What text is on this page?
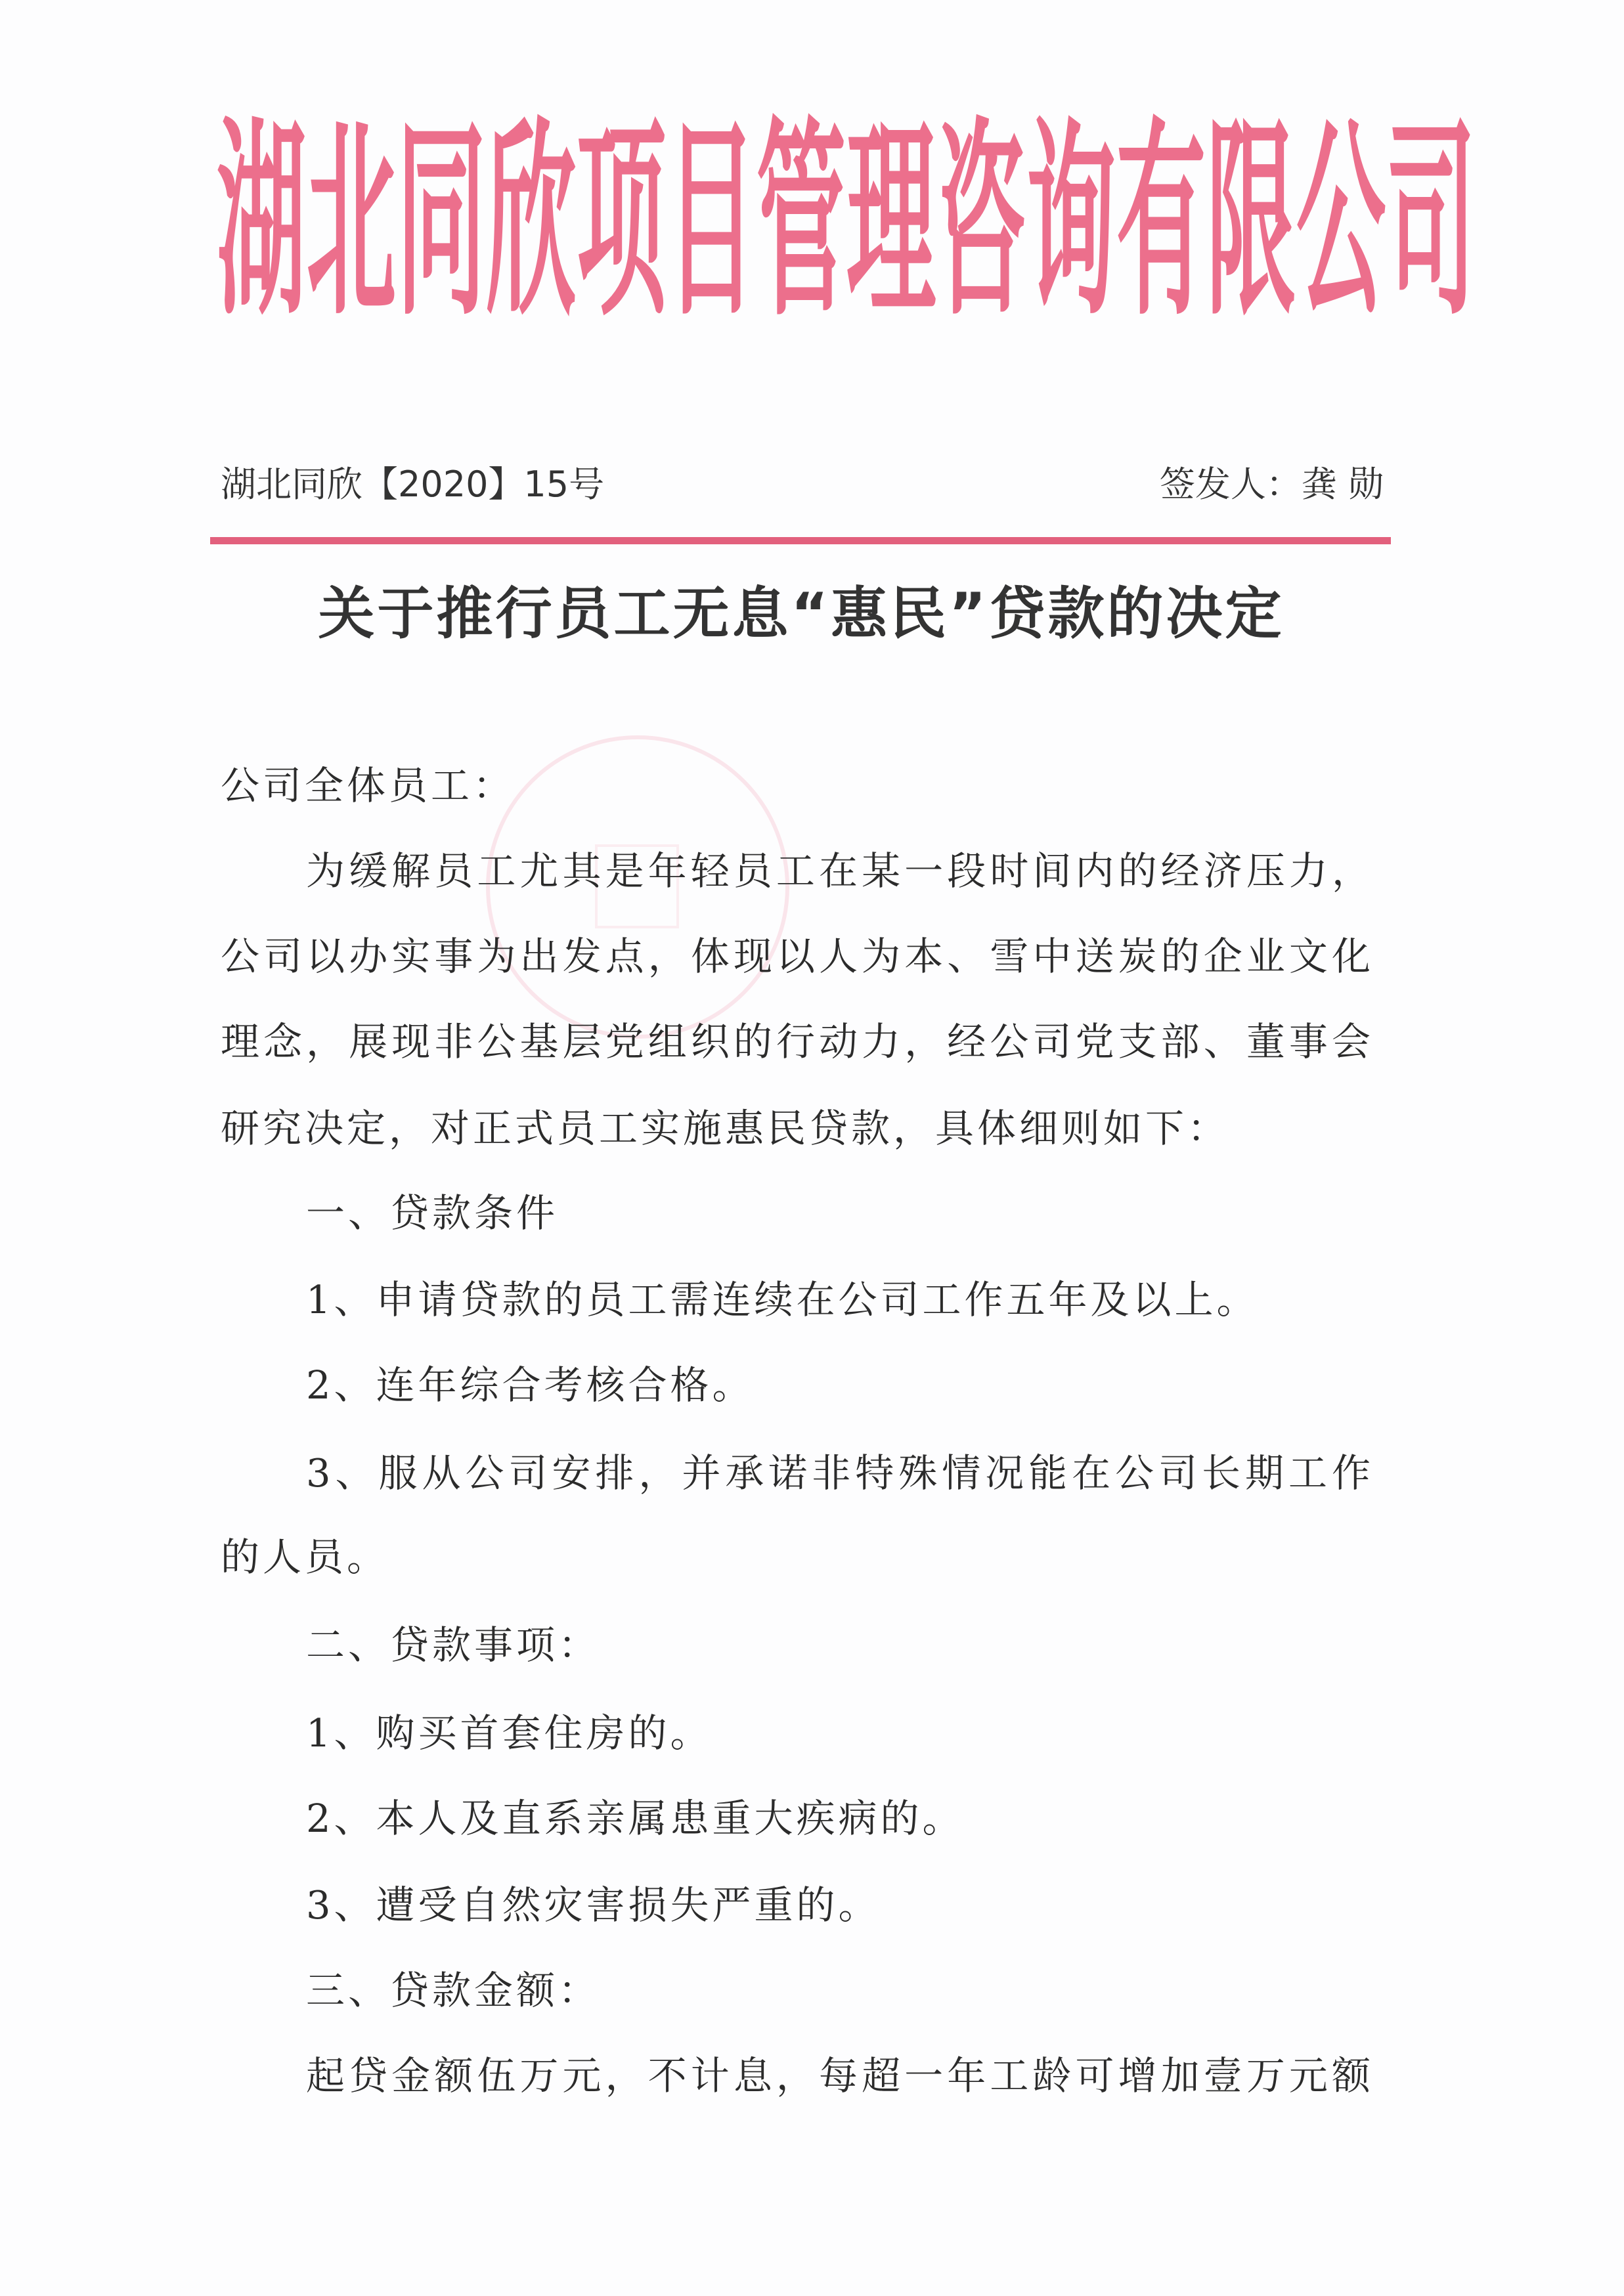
湖北同欣项目管理咨询有限公司
湖北同欣【2020】15号	签发人：龚 勋
关于推行员工无息“惠民”贷款的决定
公司全体员工：
为缓解员工尤其是年轻员工在某一段时间内的经济压力，
公司以办实事为出发点，体现以人为本、雪中送炭的企业文化
理念，展现非公基层党组织的行动力，经公司党支部、董事会
研究决定，对正式员工实施惠民贷款，具体细则如下：
一、贷款条件
1、申请贷款的员工需连续在公司工作五年及以上。
2、连年综合考核合格。
3、服从公司安排，并承诺非特殊情况能在公司长期工作
的人员。
二、贷款事项：
1、购买首套住房的。
2、本人及直系亲属患重大疾病的。
3、遭受自然灾害损失严重的。
三、贷款金额：
起贷金额伍万元，不计息，每超一年工龄可增加壹万元额
